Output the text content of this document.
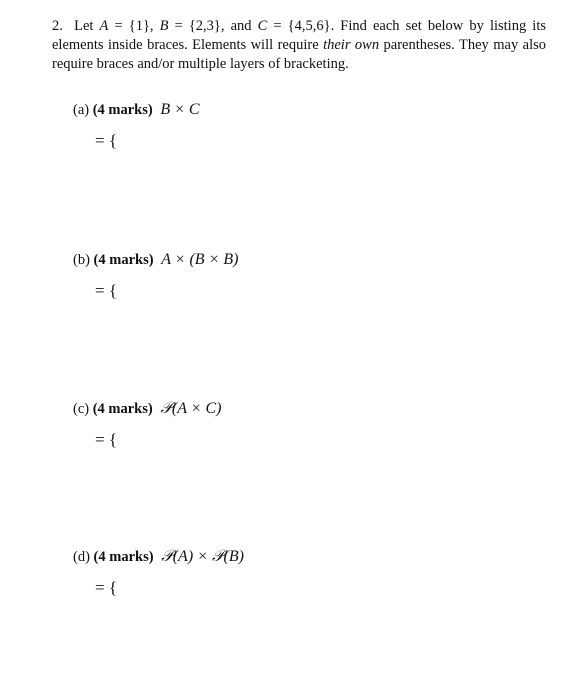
2. Let A = {1}, B = {2,3}, and C = {4,5,6}. Find each set below by listing its elements inside braces. Elements will require their own parentheses. They may also require braces and/or multiple layers of bracketing.
(a) (4 marks) B × C
= {
(b) (4 marks) A × (B × B)
= {
(c) (4 marks) 𝒫(A × C)
= {
(d) (4 marks) 𝒫(A) × 𝒫(B)
= {
